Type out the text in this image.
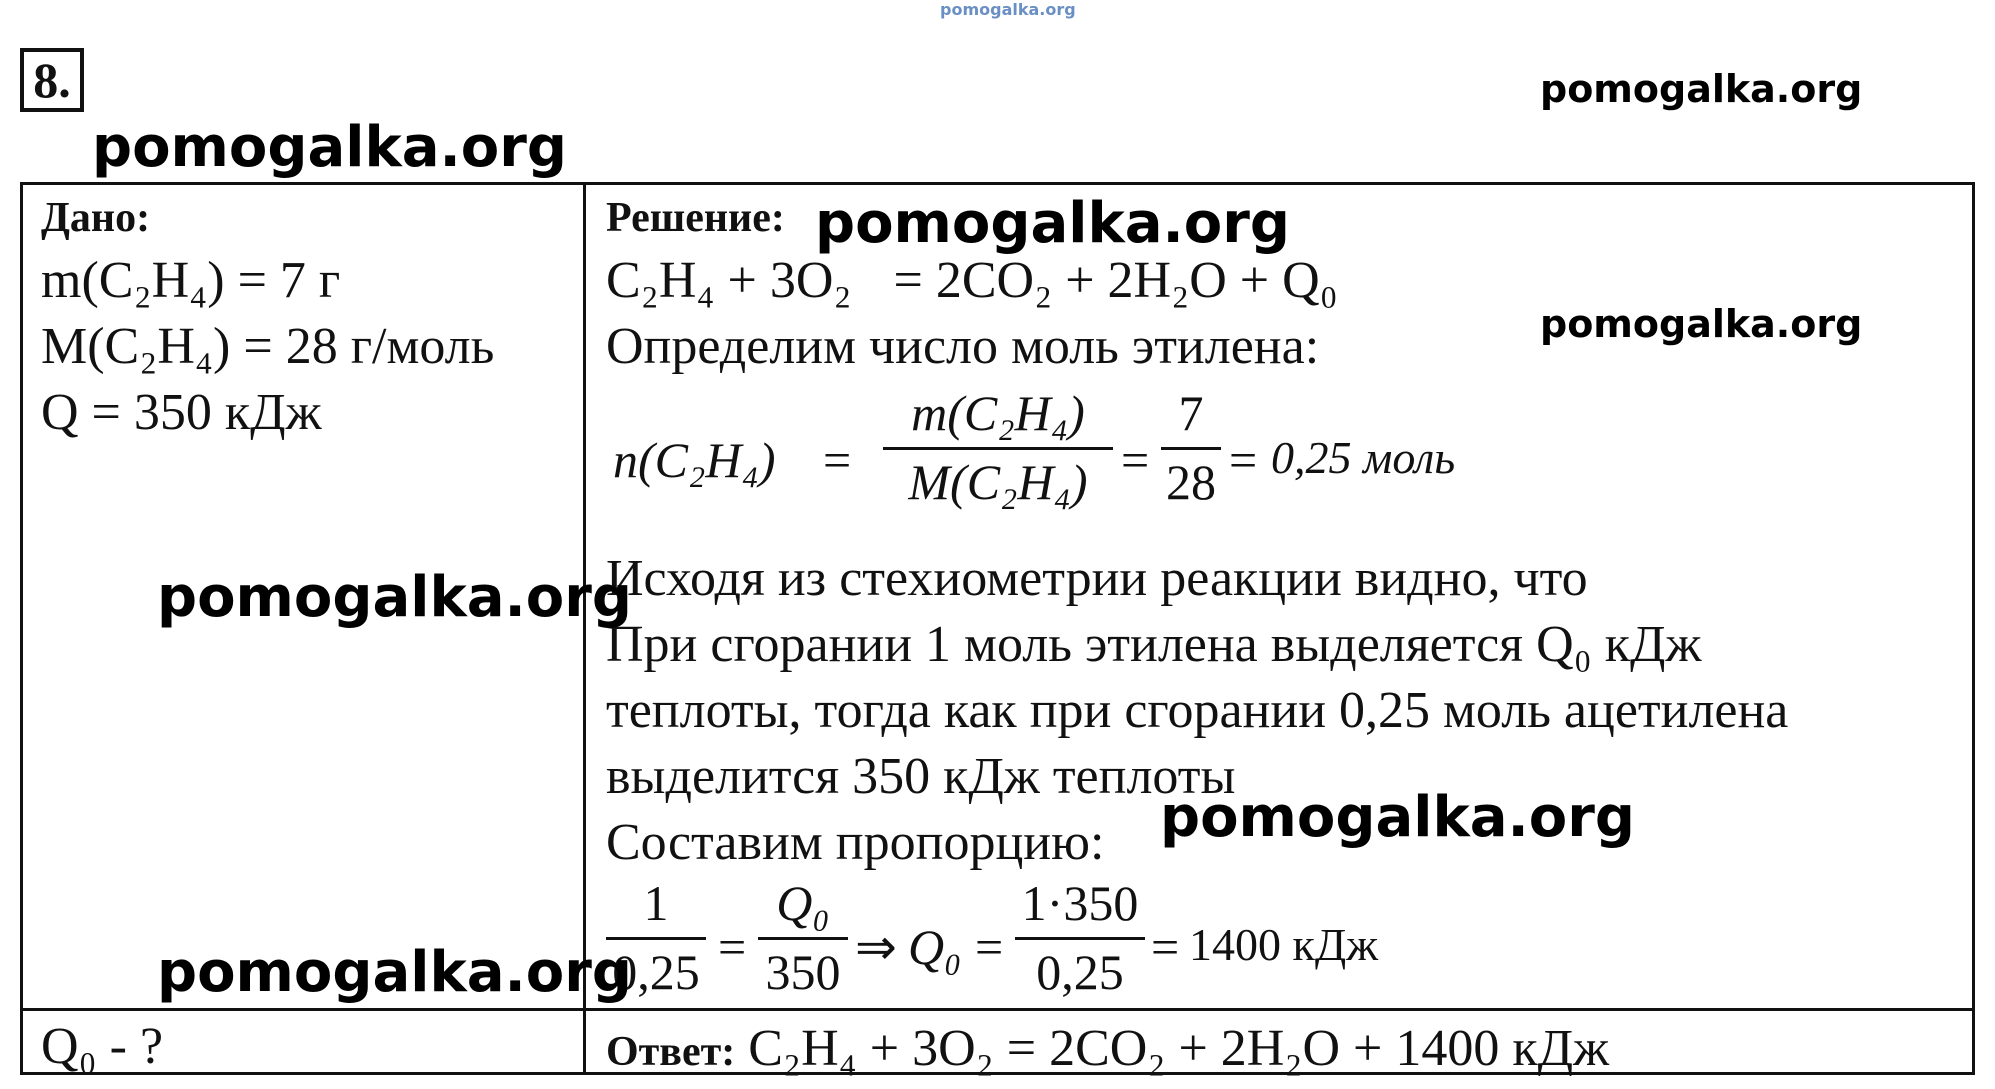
pomogalka.org
pomogalka.org
8.
pomogalka.org
Дано:
m(C₂H₄) = 7 г
M(C₂H₄) = 28 г/моль
Q = 350 кДж
Q₀ - ?
Решение:
C₂H₄ + 3O₂ = 2CO₂ + 2H₂O + Q₀
Определим число моль этилена:
n(C₂H₄) =
m(C₂H₄)
M(C₂H₄) =
7
28 = 0,25 моль
Исходя из стехиометрии реакции видно, что
При сгорании 1 моль этилена выделяется Q₀ кДж
теплоты, тогда как при сгорании 0,25 моль ацетилена
выделится 350 кДж теплоты
Составим пропорцию:
1
0,25 =
Q₀
350 ⇒ Q₀ =
1·350
0,25 = 1400 кДж
Ответ: C₂H₄ + 3O₂ = 2CO₂ + 2H₂O + 1400 кДж
pomogalka.org
pomogalka.org
pomogalka.org
pomogalka.org
pomogalka.org
